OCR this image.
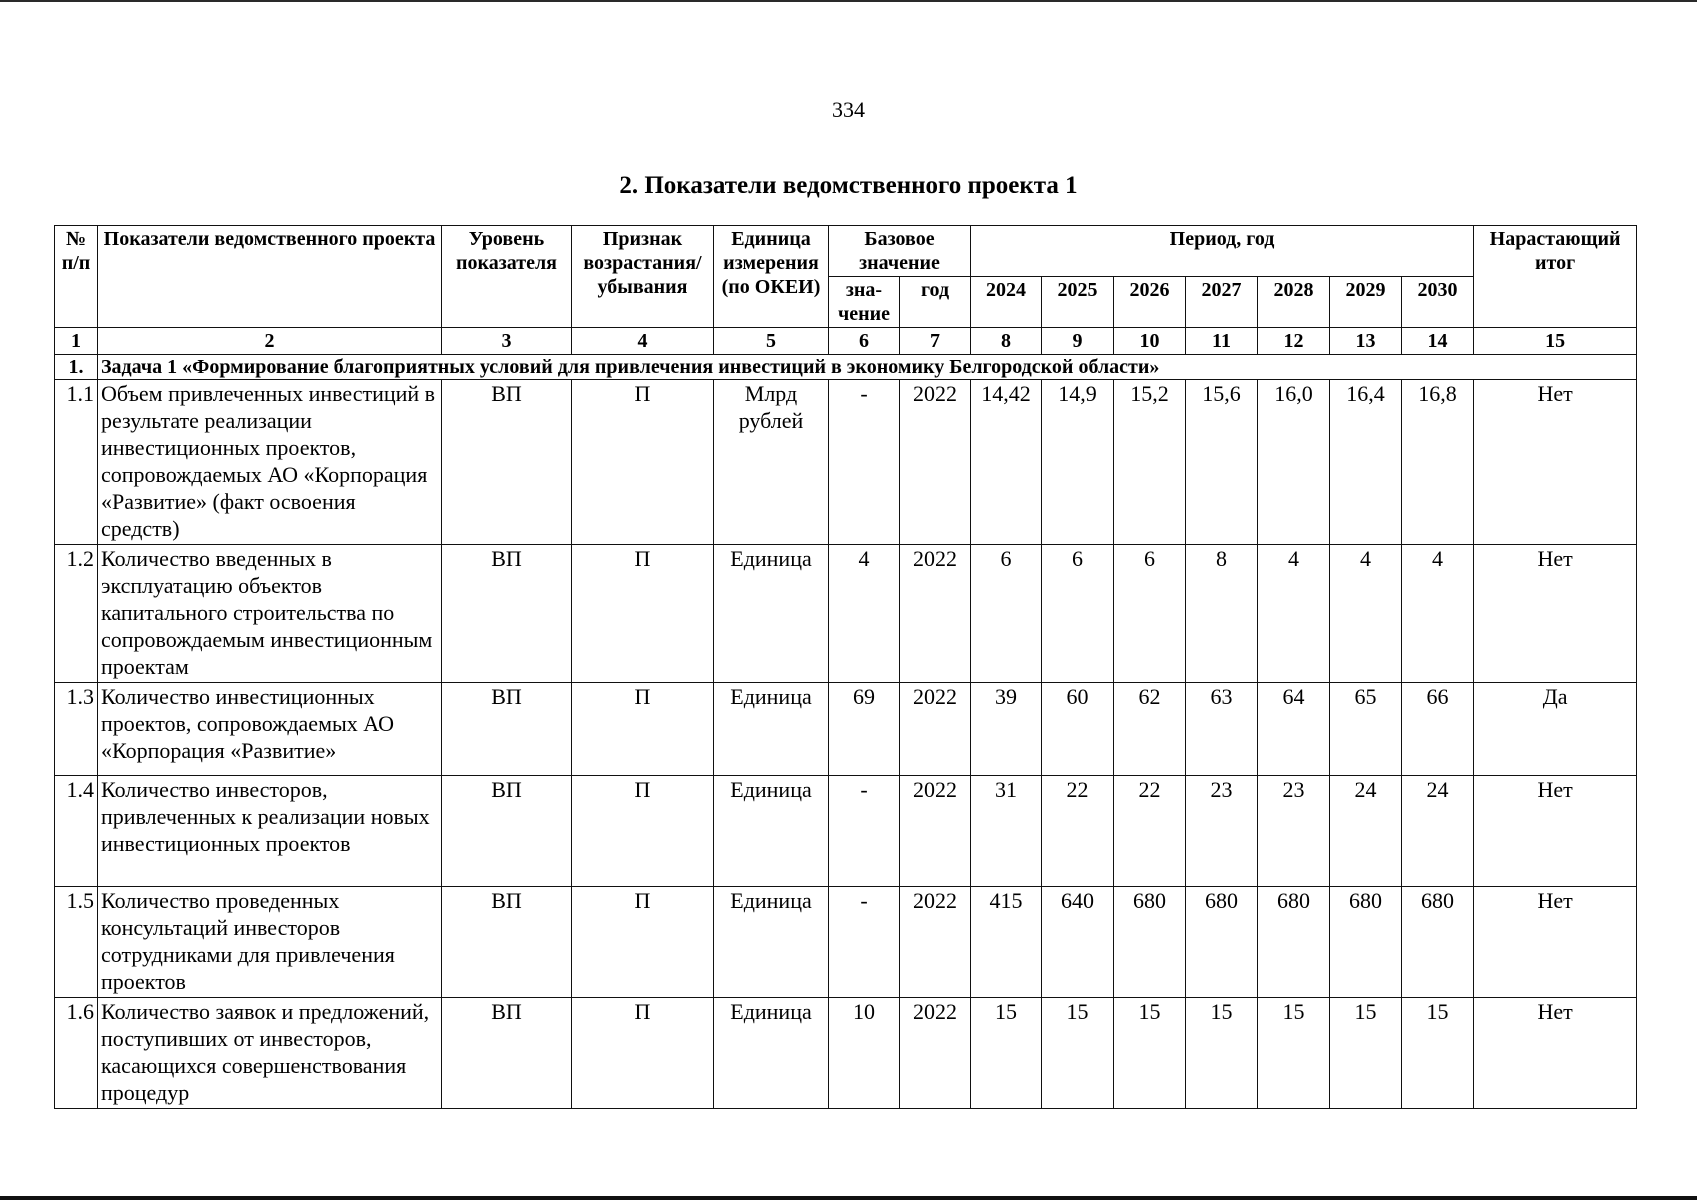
334
2. Показатели ведомственного проекта 1
№ п/п	Показатели ведомственного проекта	Уровень показателя	Признак возрастания/ убывания	Единица измерения (по ОКЕИ)	Базовое значение		Период, год							Нарастающий итог
					зна- чение	год	2024	2025	2026	2027	2028	2029	2030	
1	2	3	4	5	6	7	8	9	10	11	12	13	14	15
1.	Задача 1 «Формирование благоприятных условий для привлечения инвестиций в экономику Белгородской области»													
1.1	Объем привлеченных инвестиций в результате реализации инвестиционных проектов, сопровождаемых АО «Корпорация «Развитие» (факт освоения средств)	ВП	П	Млрд рублей	-	2022	14,42	14,9	15,2	15,6	16,0	16,4	16,8	Нет
1.2	Количество введенных в эксплуатацию объектов капитального строительства по сопровождаемым инвестиционным проектам	ВП	П	Единица	4	2022	6	6	6	8	4	4	4	Нет
1.3	Количество инвестиционных проектов, сопровождаемых АО «Корпорация «Развитие»	ВП	П	Единица	69	2022	39	60	62	63	64	65	66	Да
1.4	Количество инвесторов, привлеченных к реализации новых инвестиционных проектов	ВП	П	Единица	-	2022	31	22	22	23	23	24	24	Нет
1.5	Количество проведенных консультаций инвесторов сотрудниками для привлечения проектов	ВП	П	Единица	-	2022	415	640	680	680	680	680	680	Нет
1.6	Количество заявок и предложений, поступивших от инвесторов, касающихся совершенствования процедур	ВП	П	Единица	10	2022	15	15	15	15	15	15	15	Нет
